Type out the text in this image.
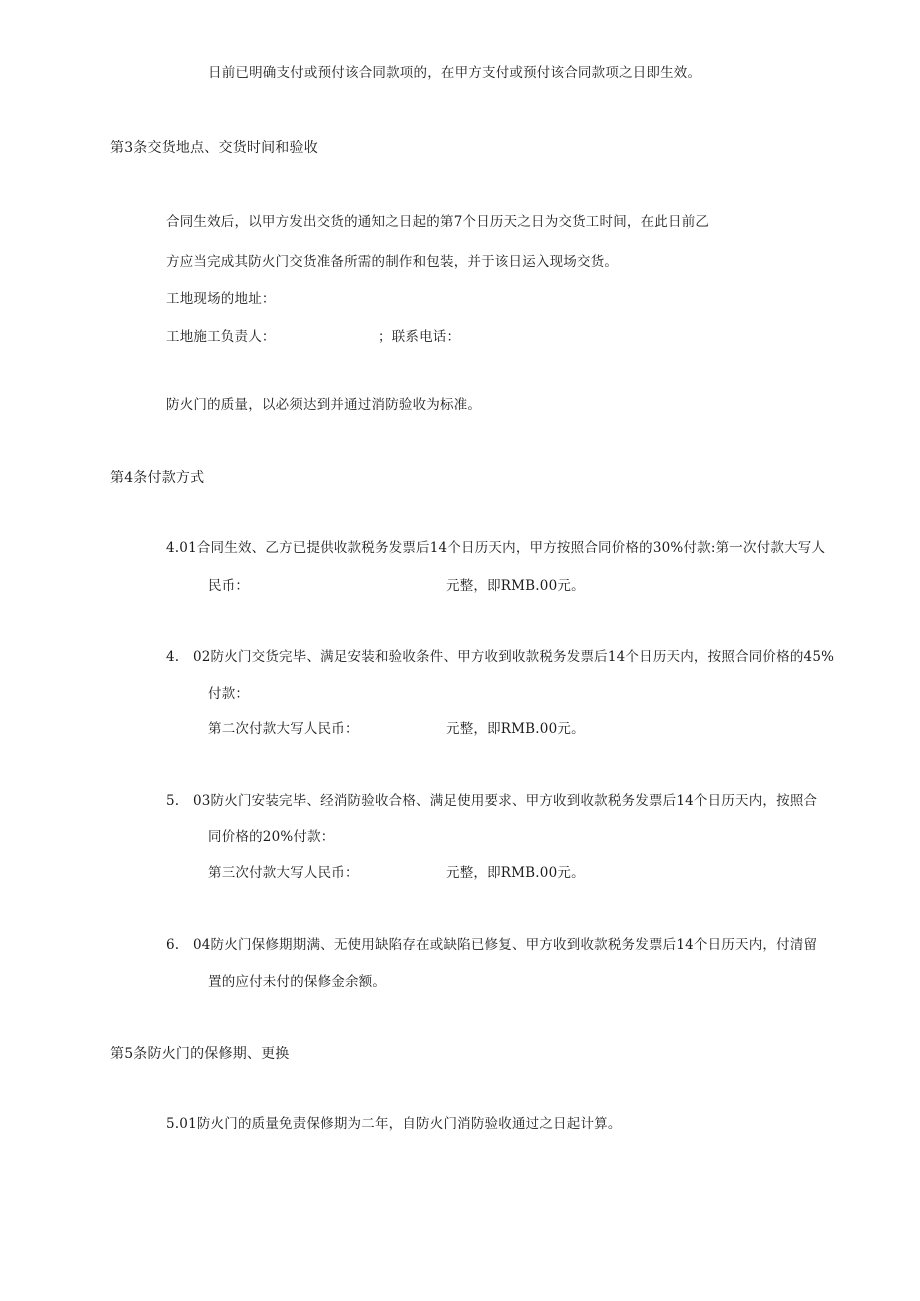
日前已明确支付或预付该合同款项的，在甲方支付或预付该合同款项之日即生效。
第3条交货地点、交货时间和验收
合同生效后，以甲方发出交货的通知之日起的第7个日历天之日为交货工时间，在此日前乙
方应当完成其防火门交货准备所需的制作和包装，并于该日运入现场交货。
工地现场的地址：
工地施工负责人：	；联系电话：
防火门的质量，以必须达到并通过消防验收为标准。
第4条付款方式
4.01合同生效、乙方已提供收款税务发票后14个日历天内，甲方按照合同价格的30%付款:第一次付款大写人
民币：	元整，即RMB.00元。
4.　02防火门交货完毕、满足安装和验收条件、甲方收到收款税务发票后14个日历天内，按照合同价格的45%
付款：
第二次付款大写人民币：	元整，即RMB.00元。
5.　03防火门安装完毕、经消防验收合格、满足使用要求、甲方收到收款税务发票后14个日历天内，按照合
同价格的20%付款：
第三次付款大写人民币：	元整，即RMB.00元。
6.　04防火门保修期期满、无使用缺陷存在或缺陷已修复、甲方收到收款税务发票后14个日历天内，付清留
置的应付未付的保修金余额。
第5条防火门的保修期、更换
5.01防火门的质量免责保修期为二年，自防火门消防验收通过之日起计算。
